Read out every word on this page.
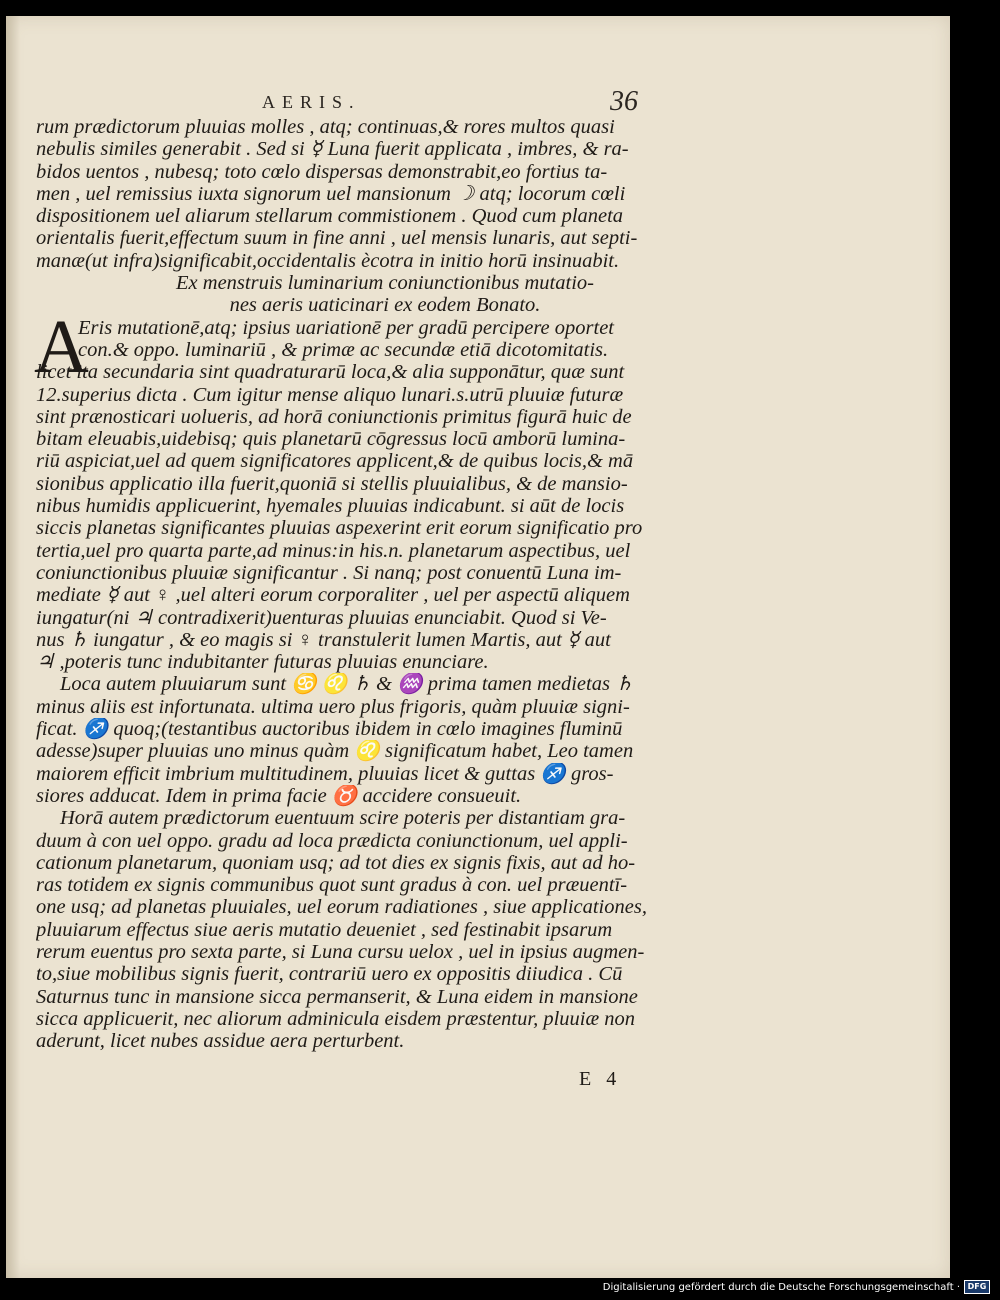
AERIS.	36
rum prædictorum pluuias molles , atq; continuas,& rores multos quasi
nebulis similes generabit . Sed si ☿ Luna fuerit applicata , imbres, & ra-
bidos uentos , nubesq; toto cœlo dispersas demonstrabit,eo fortius ta-
men , uel remissius iuxta signorum uel mansionum ☽ atq; locorum cœli
dispositionem uel aliarum stellarum commistionem . Quod cum planeta
orientalis fuerit,effectum suum in fine anni , uel mensis lunaris, aut septi-
manæ(ut infra)significabit,occidentalis ècotra in initio horū insinuabit.
Ex menstruis luminarium coniunctionibus mutatio-
nes aeris uaticinari ex eodem Bonato.
A
Eris mutationē,atq; ipsius uariationē per gradū percipere oportet
con.& oppo. luminariū , & primæ ac secundæ etiā dicotomitatis.
licet ita secundaria sint quadraturarū loca,& alia supponātur, quæ sunt
12.superius dicta . Cum igitur mense aliquo lunari.s.utrū pluuiæ futuræ
sint prænosticari uolueris, ad horā coniunctionis primitus figurā huic de
bitam eleuabis,uidebisq; quis planetarū cōgressus locū amborū lumina-
riū aspiciat,uel ad quem significatores applicent,& de quibus locis,& mā
sionibus applicatio illa fuerit,quoniā si stellis pluuialibus, & de mansio-
nibus humidis applicuerint, hyemales pluuias indicabunt. si aūt de locis
siccis planetas significantes pluuias aspexerint erit eorum significatio pro
tertia,uel pro quarta parte,ad minus:in his.n. planetarum aspectibus, uel
coniunctionibus pluuiæ significantur . Si nanq; post conuentū Luna im-
mediate ☿ aut ♀ ,uel alteri eorum corporaliter , uel per aspectū aliquem
iungatur(ni ♃ contradixerit)uenturas pluuias enunciabit. Quod si Ve-
nus ♄ iungatur , & eo magis si ♀ transtulerit lumen Martis, aut ☿ aut
♃ ,poteris tunc indubitanter futuras pluuias enunciare.
Loca autem pluuiarum sunt ♋ ♌ ♄ & ♒ prima tamen medietas ♄
minus aliis est infortunata. ultima uero plus frigoris, quàm pluuiæ signi-
ficat. ♐ quoq;(testantibus auctoribus ibidem in cœlo imagines fluminū
adesse)super pluuias uno minus quàm ♌ significatum habet, Leo tamen
maiorem efficit imbrium multitudinem, pluuias licet & guttas ♐ gros-
siores adducat. Idem in prima facie ♉ accidere consueuit.
Horā autem prædictorum euentuum scire poteris per distantiam gra-
duum à con uel oppo. gradu ad loca prædicta coniunctionum, uel appli-
cationum planetarum, quoniam usq; ad tot dies ex signis fixis, aut ad ho-
ras totidem ex signis communibus quot sunt gradus à con. uel præuentī-
one usq; ad planetas pluuiales, uel eorum radiationes , siue applicationes,
pluuiarum effectus siue aeris mutatio deueniet , sed festinabit ipsarum
rerum euentus pro sexta parte, si Luna cursu uelox , uel in ipsius augmen-
to,siue mobilibus signis fuerit, contrariū uero ex oppositis diiudica . Cū
Saturnus tunc in mansione sicca permanserit, & Luna eidem in mansione
sicca applicuerit, nec aliorum adminicula eisdem præstentur, pluuiæ non
aderunt, licet nubes assidue aera perturbent.
E 4
Digitalisierung gefördert durch die Deutsche Forschungsgemeinschaft · DFG
